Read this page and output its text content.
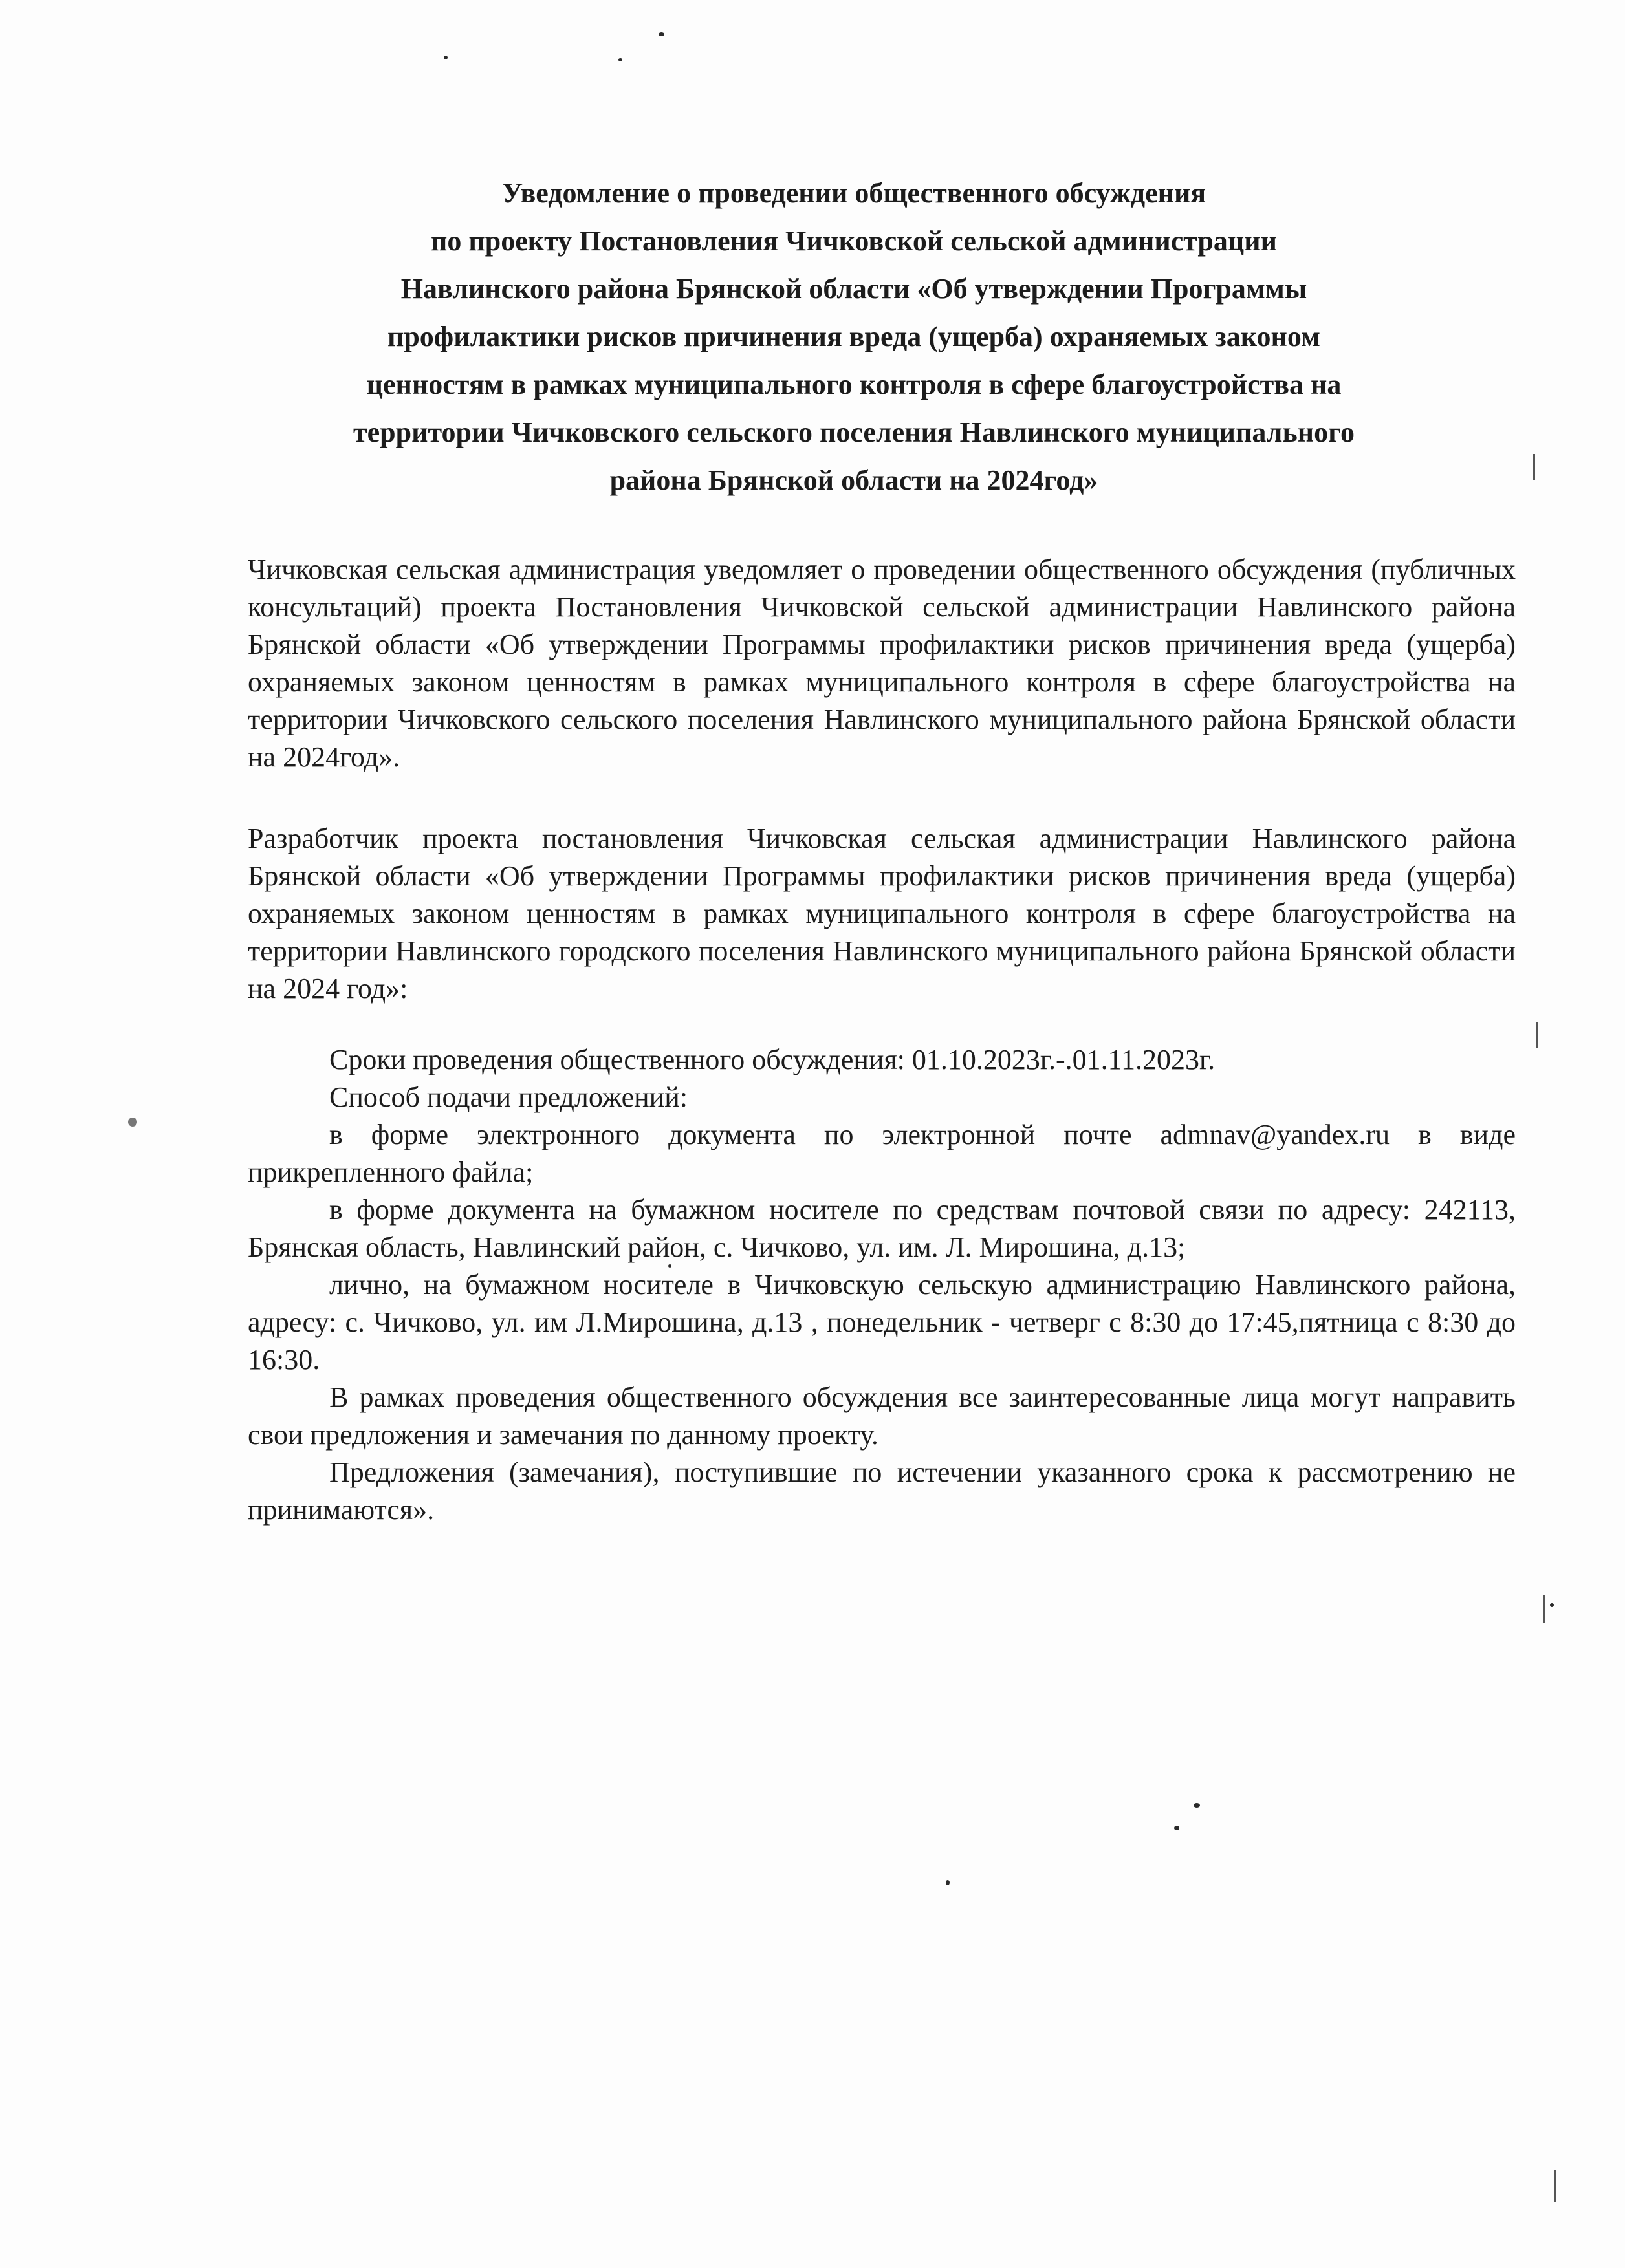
Уведомление о проведении общественного обсуждения
по проекту Постановления Чичковской сельской администрации
Навлинского района Брянской области «Об утверждении Программы
профилактики рисков причинения вреда (ущерба) охраняемых законом
ценностям в рамках муниципального контроля в сфере благоустройства на
территории Чичковского сельского поселения Навлинского муниципального
района Брянской области на 2024год»

Чичковская сельская администрация уведомляет о проведении общественного обсуждения (публичных консультаций) проекта Постановления Чичковской сельской администрации Навлинского района Брянской области «Об утверждении Программы профилактики рисков причинения вреда (ущерба) охраняемых законом ценностям в рамках муниципального контроля в сфере благоустройства на территории Чичковского сельского поселения Навлинского муниципального района Брянской области на 2024год».

Разработчик проекта постановления Чичковская сельская администрации Навлинского района Брянской области «Об утверждении Программы профилактики рисков причинения вреда (ущерба) охраняемых законом ценностям в рамках муниципального контроля в сфере благоустройства на территории Навлинского городского поселения Навлинского муниципального района Брянской области на 2024 год»:

Сроки проведения общественного обсуждения: 01.10.2023г.-.01.11.2023г.

Способ подачи предложений:

в форме электронного документа по электронной почте admnav@yandex.ru в виде прикрепленного файла;

в форме документа на бумажном носителе по средствам почтовой связи по адресу: 242113, Брянская область, Навлинский район, с. Чичково, ул. им. Л. Мирошина, д.13;

лично, на бумажном носителе в Чичковскую сельскую администрацию Навлинского района, адресу: с. Чичково, ул. им Л.Мирошина, д.13 , понедельник - четверг с 8:30 до 17:45,пятница с 8:30 до 16:30.

В рамках проведения общественного обсуждения все заинтересованные лица могут направить свои предложения и замечания по данному проекту.

Предложения (замечания), поступившие по истечении указанного срока к рассмотрению не принимаются».
